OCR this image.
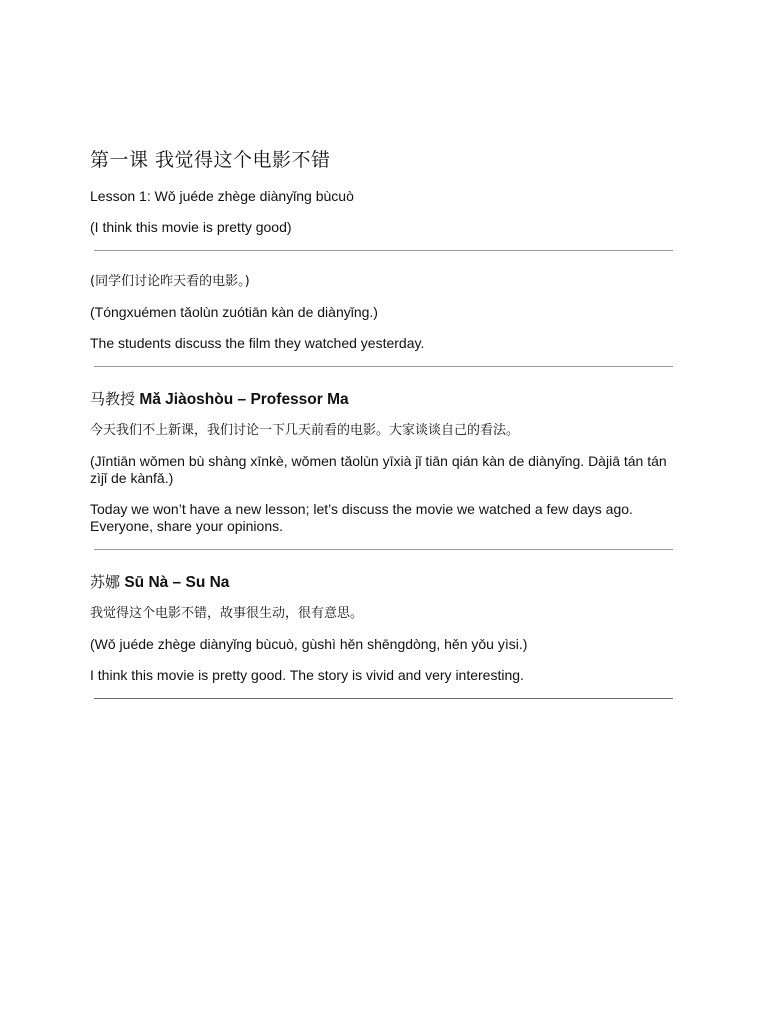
第一课 我觉得这个电影不错

Lesson 1: Wǒ juéde zhège diànyǐng bùcuò

(I think this movie is pretty good)

(同学们讨论昨天看的电影。)

(Tóngxuémen tǎolùn zuótiān kàn de diànyǐng.)

The students discuss the film they watched yesterday.

马教授 Mǎ Jiàoshòu – Professor Ma

今天我们不上新课，我们讨论一下几天前看的电影。大家谈谈自己的看法。

(Jīntiān wǒmen bù shàng xīnkè, wǒmen tǎolùn yīxià jǐ tiān qián kàn de diànyǐng. Dàjiā tán tán zìjǐ de kànfǎ.)

Today we won’t have a new lesson; let’s discuss the movie we watched a few days ago. Everyone, share your opinions.

苏娜 Sū Nà – Su Na

我觉得这个电影不错，故事很生动，很有意思。

(Wǒ juéde zhège diànyǐng bùcuò, gùshì hěn shēngdòng, hěn yǒu yìsi.)

I think this movie is pretty good. The story is vivid and very interesting.
